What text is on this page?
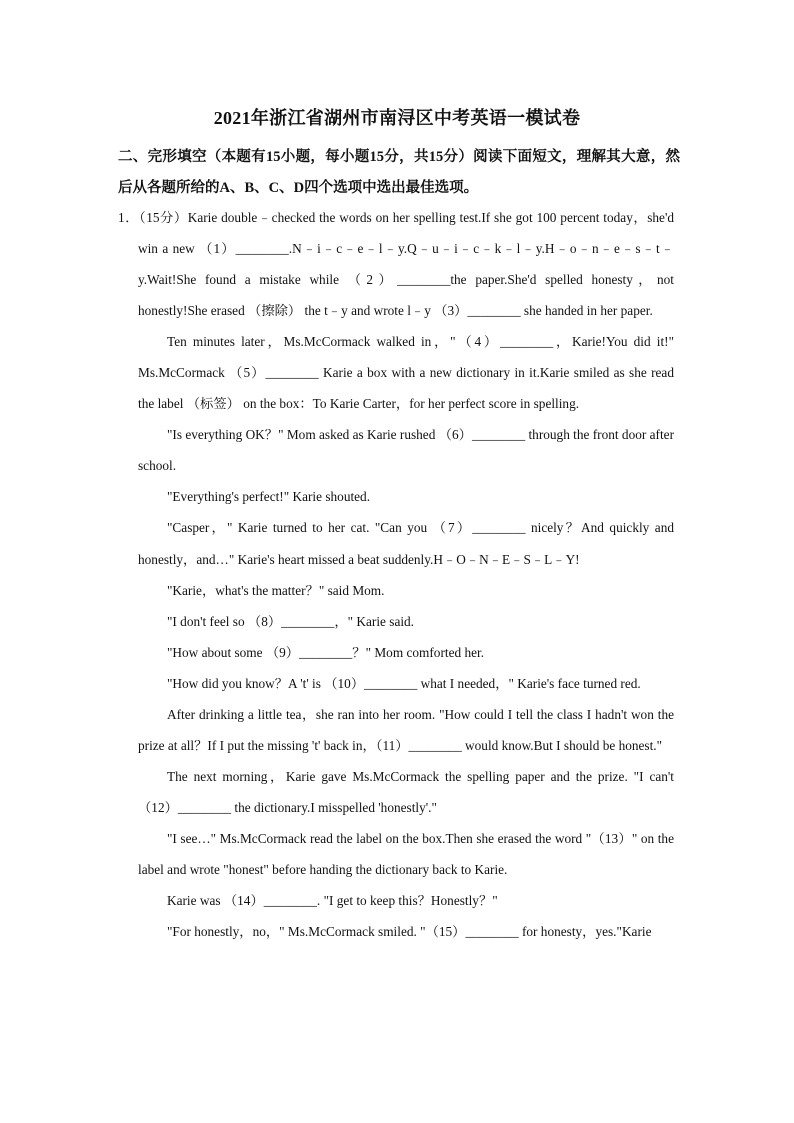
2021年浙江省湖州市南浔区中考英语一模试卷
二、完形填空（本题有15小题，每小题15分，共15分）阅读下面短文，理解其大意，然后从各题所给的A、B、C、D四个选项中选出最佳选项。

1．（15分）Karie double﹣checked the words on her spelling test.If she got 100 percent today，she'd win a new （1）________.N﹣i﹣c﹣e﹣l﹣y.Q﹣u﹣i﹣c﹣k﹣l﹣y.H﹣o﹣n﹣e﹣s﹣t﹣y.Wait!She found a mistake while （2）________the paper.She'd spelled honesty，not honestly!She erased （擦除） the t﹣y and wrote l﹣y （3）________ she handed in her paper.

Ten minutes later，Ms.McCormack walked in，"（4）________，Karie!You did it!" Ms.McCormack （5）________ Karie a box with a new dictionary in it.Karie smiled as she read the label （标签） on the box：To Karie Carter，for her perfect score in spelling.

"Is everything OK？" Mom asked as Karie rushed （6）________ through the front door after school.

"Everything's perfect!" Karie shouted.

"Casper，" Karie turned to her cat. "Can you （7）________ nicely？And quickly and honestly，and…" Karie's heart missed a beat suddenly.H﹣O﹣N﹣E﹣S﹣L﹣Y!

"Karie，what's the matter？" said Mom.

"I don't feel so （8）________，" Karie said.

"How about some （9）________？" Mom comforted her.

"How did you know？A 't' is （10）________ what I needed，" Karie's face turned red.

After drinking a little tea，she ran into her room. "How could I tell the class I hadn't won the prize at all？If I put the missing 't' back in，（11）________ would know.But I should be honest."

The next morning，Karie gave Ms.McCormack the spelling paper and the prize. "I can't （12）________ the dictionary.I misspelled 'honestly'."

"I see…" Ms.McCormack read the label on the box.Then she erased the word "（13）" on the label and wrote "honest" before handing the dictionary back to Karie.

Karie was （14）________. "I get to keep this？Honestly？"

"For honestly，no，" Ms.McCormack smiled. "（15）________ for honesty，yes."Karie
